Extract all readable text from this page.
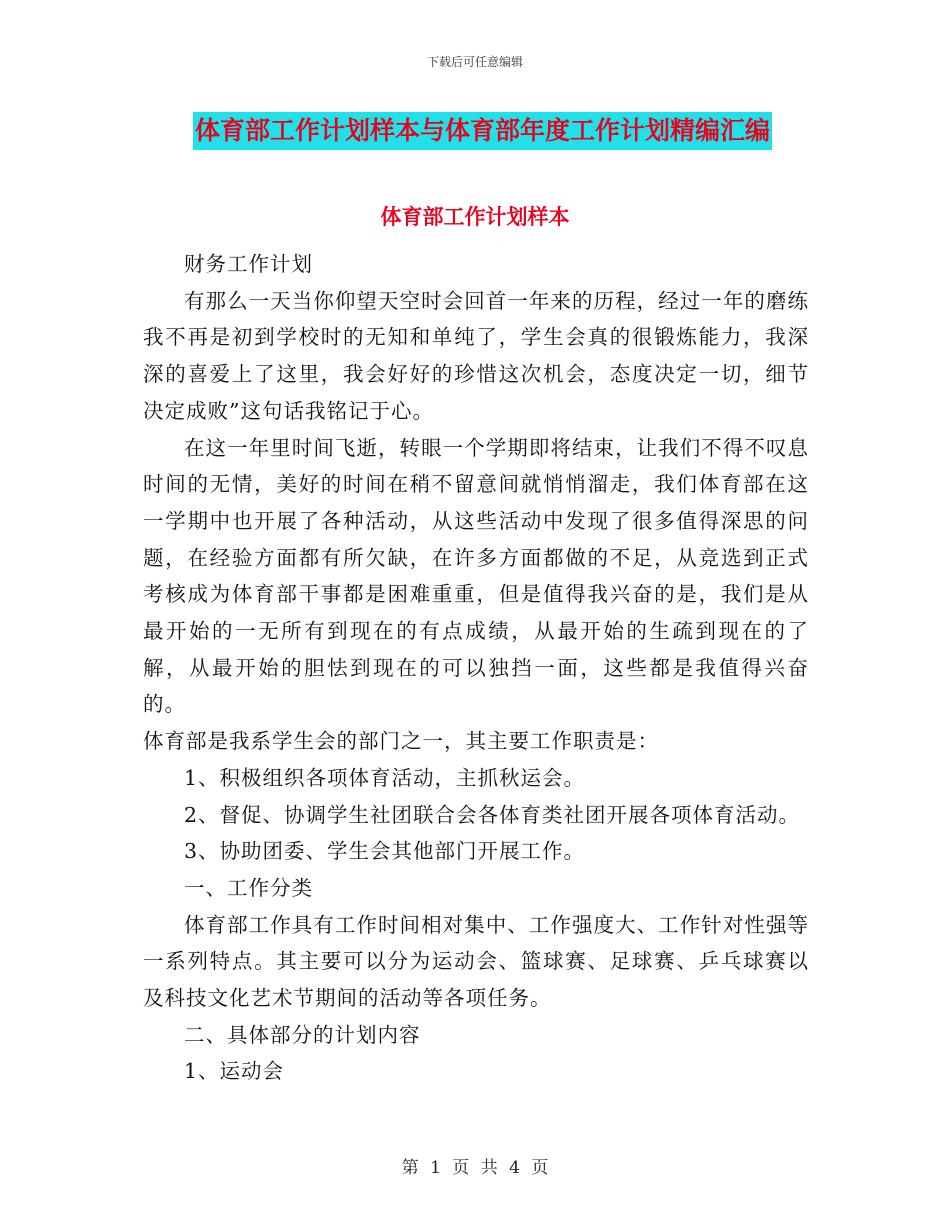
下载后可任意编辑
体育部工作计划样本与体育部年度工作计划精编汇编
体育部工作计划样本

财务工作计划

有那么一天当你仰望天空时会回首一年来的历程，经过一年的磨练我不再是初到学校时的无知和单纯了，学生会真的很锻炼能力，我深深的喜爱上了这里，我会好好的珍惜这次机会，态度决定一切，细节决定成败”这句话我铭记于心。

在这一年里时间飞逝，转眼一个学期即将结束，让我们不得不叹息时间的无情，美好的时间在稍不留意间就悄悄溜走，我们体育部在这一学期中也开展了各种活动，从这些活动中发现了很多值得深思的问题，在经验方面都有所欠缺，在许多方面都做的不足，从竞选到正式考核成为体育部干事都是困难重重，但是值得我兴奋的是，我们是从最开始的一无所有到现在的有点成绩，从最开始的生疏到现在的了解，从最开始的胆怯到现在的可以独挡一面，这些都是我值得兴奋的。

体育部是我系学生会的部门之一，其主要工作职责是：

1、积极组织各项体育活动，主抓秋运会。

2、督促、协调学生社团联合会各体育类社团开展各项体育活动。

3、协助团委、学生会其他部门开展工作。

一、工作分类

体育部工作具有工作时间相对集中、工作强度大、工作针对性强等一系列特点。其主要可以分为运动会、篮球赛、足球赛、乒乓球赛以及科技文化艺术节期间的活动等各项任务。

二、具体部分的计划内容

1、运动会

第 1 页 共 4 页
